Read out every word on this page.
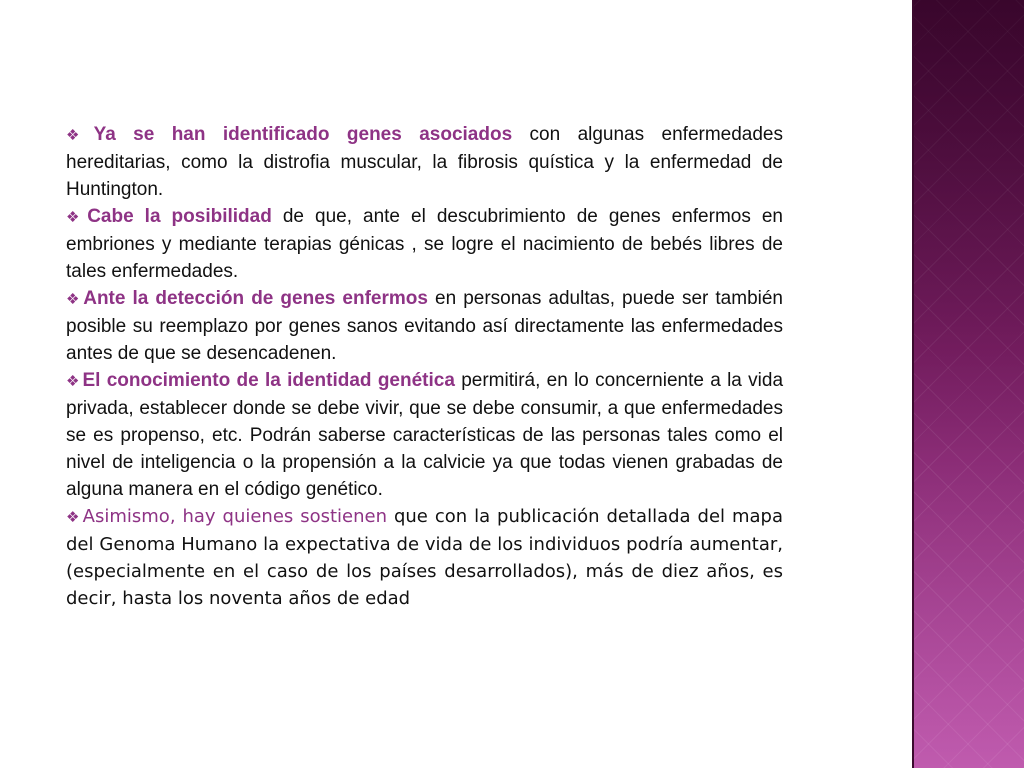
❖ Ya se han identificado genes asociados con algunas enfermedades hereditarias, como la distrofia muscular, la fibrosis quística y la enfermedad de Huntington.

❖ Cabe la posibilidad de que, ante el descubrimiento de genes enfermos en embriones y mediante terapias génicas , se logre el nacimiento de bebés libres de tales enfermedades.

❖ Ante la detección de genes enfermos en personas adultas, puede ser también posible su reemplazo por genes sanos evitando así directamente las enfermedades antes de que se desencadenen.

❖ El conocimiento de la identidad genética permitirá, en lo concerniente a la vida privada, establecer donde se debe vivir, que se debe consumir, a que enfermedades se es propenso, etc. Podrán saberse características de las personas tales como el nivel de inteligencia o la propensión a la calvicie ya que todas vienen grabadas de alguna manera en el código genético.

❖ Asimismo, hay quienes sostienen que con la publicación detallada del mapa del Genoma Humano la expectativa de vida de los individuos podría aumentar, (especialmente en el caso de los países desarrollados), más de diez años, es decir, hasta los noventa años de edad
